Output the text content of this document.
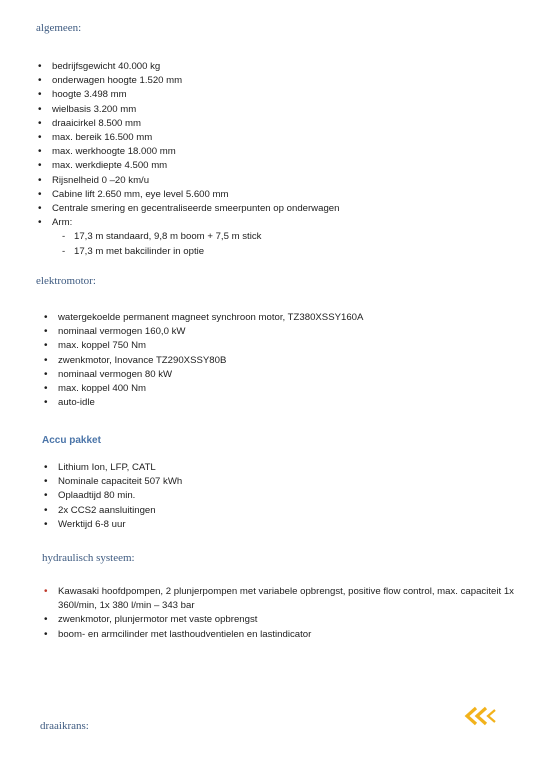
algemeen:
• bedrijfsgewicht 40.000 kg
• onderwagen hoogte 1.520 mm
• hoogte 3.498 mm
• wielbasis 3.200 mm
• draaicirkel 8.500 mm
• max. bereik 16.500 mm
• max. werkhoogte 18.000 mm
• max. werkdiepte 4.500 mm
• Rijsnelheid 0 –20 km/u
• Cabine lift 2.650 mm, eye level 5.600 mm
• Centrale smering en gecentraliseerde smeerpunten op onderwagen
• Arm:
- 17,3 m standaard, 9,8 m boom + 7,5 m stick
- 17,3 m met bakcilinder in optie
elektromotor:
• watergekoelde permanent magneet synchroon motor, TZ380XSSY160A
• nominaal vermogen 160,0 kW
• max. koppel 750 Nm
• zwenkmotor, Inovance TZ290XSSY80B
• nominaal vermogen 80 kW
• max. koppel 400 Nm
• auto-idle
Accu pakket
• Lithium Ion, LFP, CATL
• Nominale capaciteit 507 kWh
• Oplaadtijd 80 min.
• 2x CCS2 aansluitingen
• Werktijd 6-8 uur
hydraulisch systeem:
• Kawasaki hoofdpompen, 2 plunjerpompen met variabele opbrengst, positive flow control, max. capaciteit 1x 360l/min, 1x 380 l/min – 343 bar
• zwenkmotor, plunjermotor met vaste opbrengst
• boom- en armcilinder met lasthoudventielen en lastindicator
draaikrans:
